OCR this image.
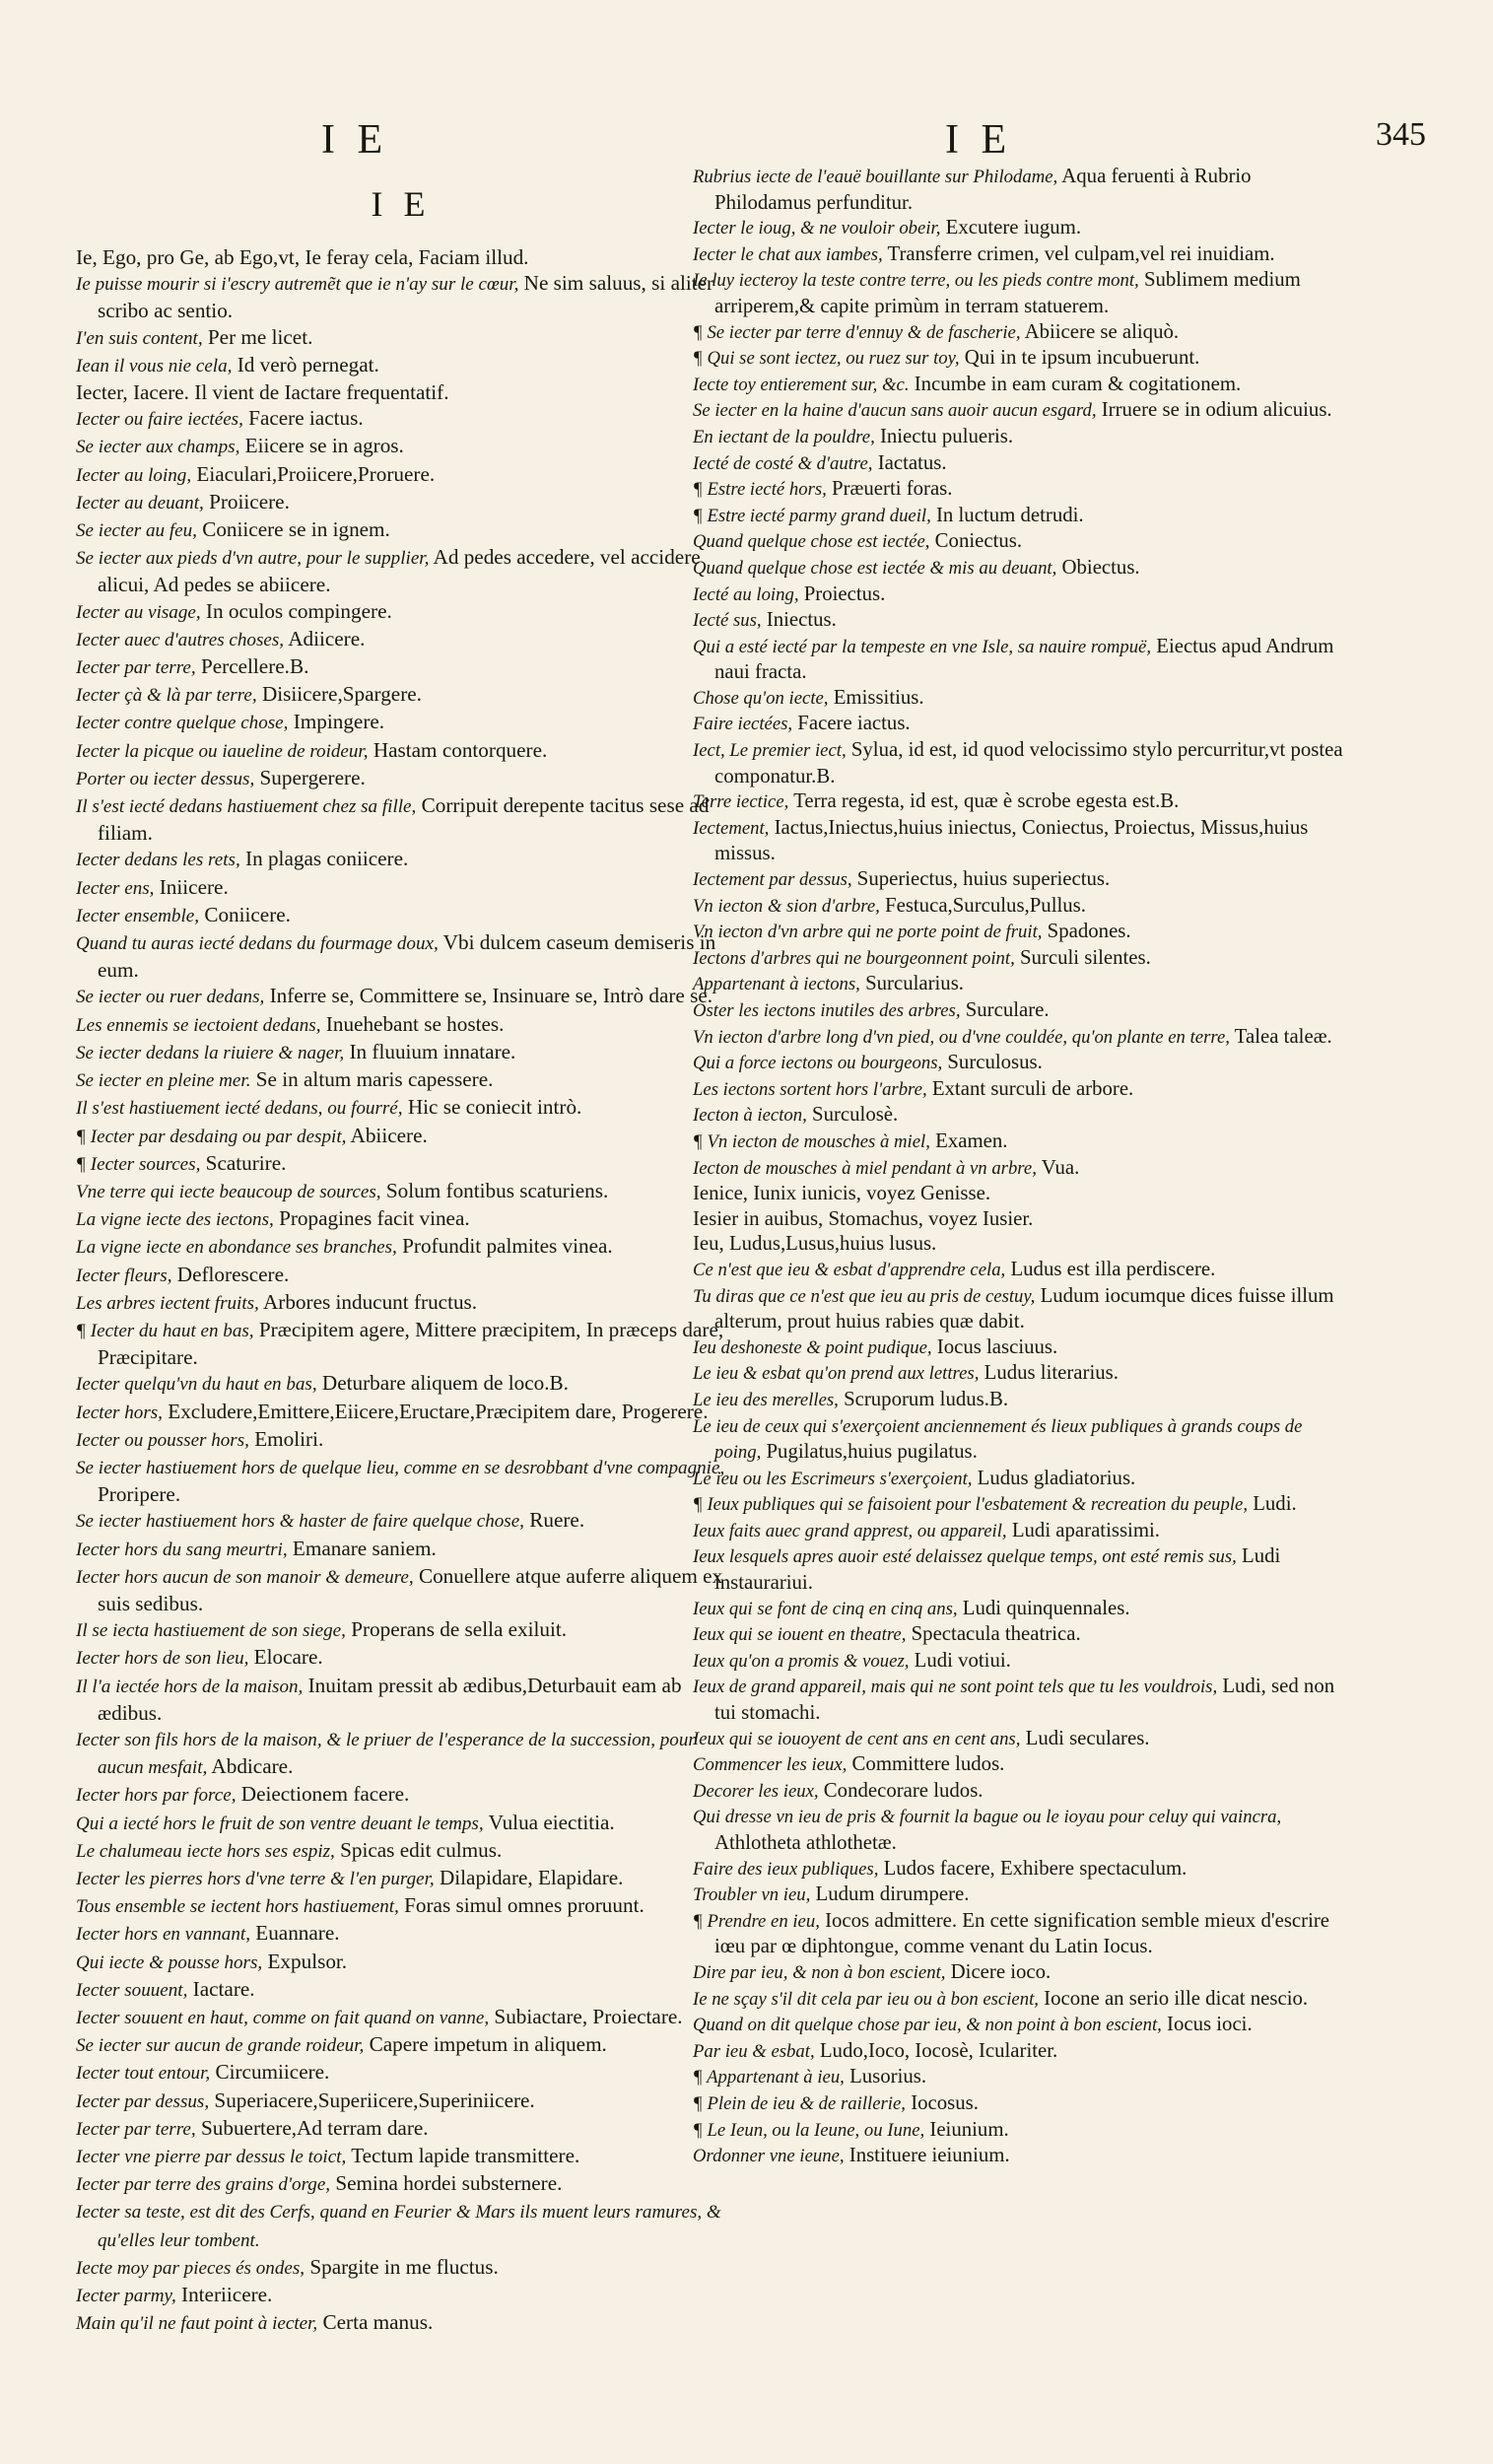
I E	I E	345
I E

Ie, Ego, pro Ge, ab Ego,vt, Ie feray cela, Faciam illud.

Ie puisse mourir si i'escry autremẽt que ie n'ay sur le cœur, Ne sim saluus, si aliter scribo ac sentio.

I'en suis content, Per me licet.

Iean il vous nie cela, Id verò pernegat.

Iecter, Iacere. Il vient de Iactare frequentatif.

Iecter ou faire iectées, Facere iactus.

Se iecter aux champs, Eiicere se in agros.

Iecter au loing, Eiaculari,Proiicere,Proruere.

Iecter au deuant, Proiicere.

Se iecter au feu, Coniicere se in ignem.

Se iecter aux pieds d'vn autre, pour le supplier, Ad pedes accedere, vel accidere alicui, Ad pedes se abiicere.

Iecter au visage, In oculos compingere.

Iecter auec d'autres choses, Adiicere.

Iecter par terre, Percellere.B.

Iecter çà & là par terre, Disiicere,Spargere.

Iecter contre quelque chose, Impingere.

Iecter la picque ou iaueline de roideur, Hastam contorquere.

Porter ou iecter dessus, Supergerere.

Il s'est iecté dedans hastiuement chez sa fille, Corripuit derepente tacitus sese ad filiam.

Iecter dedans les rets, In plagas coniicere.

Iecter ens, Iniicere.

Iecter ensemble, Coniicere.

Quand tu auras iecté dedans du fourmage doux, Vbi dulcem caseum demiseris in eum.

Se iecter ou ruer dedans, Inferre se, Committere se, Insinuare se, Intrò dare se.

Les ennemis se iectoient dedans, Inuehebant se hostes.

Se iecter dedans la riuiere & nager, In fluuium innatare.

Se iecter en pleine mer. Se in altum maris capessere.

Il s'est hastiuement iecté dedans, ou fourré, Hic se coniecit intrò.

¶ Iecter par desdaing ou par despit, Abiicere.

¶ Iecter sources, Scaturire.

Vne terre qui iecte beaucoup de sources, Solum fontibus scaturiens.

La vigne iecte des iectons, Propagines facit vinea.

La vigne iecte en abondance ses branches, Profundit palmites vinea.

Iecter fleurs, Deflorescere.

Les arbres iectent fruits, Arbores inducunt fructus.

¶ Iecter du haut en bas, Præcipitem agere, Mittere præcipitem, In præceps dare, Præcipitare.

Iecter quelqu'vn du haut en bas, Deturbare aliquem de loco.B.

Iecter hors, Excludere,Emittere,Eiicere,Eructare,Præcipitem dare, Progerere.

Iecter ou pousser hors, Emoliri.

Se iecter hastiuement hors de quelque lieu, comme en se desrobbant d'vne compagnie, Proripere.

Se iecter hastiuement hors & haster de faire quelque chose, Ruere.

Iecter hors du sang meurtri, Emanare saniem.

Iecter hors aucun de son manoir & demeure, Conuellere atque auferre aliquem ex suis sedibus.

Il se iecta hastiuement de son siege, Properans de sella exiluit.

Iecter hors de son lieu, Elocare.

Il l'a iectée hors de la maison, Inuitam pressit ab ædibus,Deturbauit eam ab ædibus.

Iecter son fils hors de la maison, & le priuer de l'esperance de la succession, pour aucun mesfait, Abdicare.

Iecter hors par force, Deiectionem facere.

Qui a iecté hors le fruit de son ventre deuant le temps, Vulua eiectitia.

Le chalumeau iecte hors ses espiz, Spicas edit culmus.

Iecter les pierres hors d'vne terre & l'en purger, Dilapidare, Elapidare.

Tous ensemble se iectent hors hastiuement, Foras simul omnes proruunt.

Iecter hors en vannant, Euannare.

Qui iecte & pousse hors, Expulsor.

Iecter souuent, Iactare.

Iecter souuent en haut, comme on fait quand on vanne, Subiactare, Proiectare.

Se iecter sur aucun de grande roideur, Capere impetum in aliquem.

Iecter tout entour, Circumiicere.

Iecter par dessus, Superiacere,Superiicere,Superiniicere.

Iecter par terre, Subuertere,Ad terram dare.

Iecter vne pierre par dessus le toict, Tectum lapide transmittere.

Iecter par terre des grains d'orge, Semina hordei substernere.

Iecter sa teste, est dit des Cerfs, quand en Feurier & Mars ils muent leurs ramures, & qu'elles leur tombent.

Iecte moy par pieces és ondes, Spargite in me fluctus.

Iecter parmy, Interiicere.

Main qu'il ne faut point à iecter, Certa manus.

Rubrius iecte de l'eauë bouillante sur Philodame, Aqua feruenti à Rubrio Philodamus perfunditur.

Iecter le ioug, & ne vouloir obeir, Excutere iugum.

Iecter le chat aux iambes, Transferre crimen, vel culpam,vel rei inuidiam.

Ie luy iecteroy la teste contre terre, ou les pieds contre mont, Sublimem medium arriperem,& capite primùm in terram statuerem.

¶ Se iecter par terre d'ennuy & de fascherie, Abiicere se aliquò.

¶ Qui se sont iectez, ou ruez sur toy, Qui in te ipsum incubuerunt.

Iecte toy entierement sur, &c. Incumbe in eam curam & cogitationem.

Se iecter en la haine d'aucun sans auoir aucun esgard, Irruere se in odium alicuius.

En iectant de la pouldre, Iniectu pulueris.

Iecté de costé & d'autre, Iactatus.

¶ Estre iecté hors, Præuerti foras.

¶ Estre iecté parmy grand dueil, In luctum detrudi.

Quand quelque chose est iectée, Coniectus.

Quand quelque chose est iectée & mis au deuant, Obiectus.

Iecté au loing, Proiectus.

Iecté sus, Iniectus.

Qui a esté iecté par la tempeste en vne Isle, sa nauire rompuë, Eiectus apud Andrum naui fracta.

Chose qu'on iecte, Emissitius.

Faire iectées, Facere iactus.

Iect, Le premier iect, Sylua, id est, id quod velocissimo stylo percurritur,vt postea componatur.B.

Terre iectice, Terra regesta, id est, quæ è scrobe egesta est.B.

Iectement, Iactus,Iniectus,huius iniectus, Coniectus, Proiectus, Missus,huius missus.

Iectement par dessus, Superiectus, huius superiectus.

Vn iecton & sion d'arbre, Festuca,Surculus,Pullus.

Vn iecton d'vn arbre qui ne porte point de fruit, Spadones.

Iectons d'arbres qui ne bourgeonnent point, Surculi silentes.

Appartenant à iectons, Surcularius.

Oster les iectons inutiles des arbres, Surculare.

Vn iecton d'arbre long d'vn pied, ou d'vne couldée, qu'on plante en terre, Talea taleæ.

Qui a force iectons ou bourgeons, Surculosus.

Les iectons sortent hors l'arbre, Extant surculi de arbore.

Iecton à iecton, Surculosè.

¶ Vn iecton de mousches à miel, Examen.

Iecton de mousches à miel pendant à vn arbre, Vua.

Ienice, Iunix iunicis, voyez Genisse.

Iesier in auibus, Stomachus, voyez Iusier.

Ieu, Ludus,Lusus,huius lusus.

Ce n'est que ieu & esbat d'apprendre cela, Ludus est illa perdiscere.

Tu diras que ce n'est que ieu au pris de cestuy, Ludum iocumque dices fuisse illum alterum, prout huius rabies quæ dabit.

Ieu deshoneste & point pudique, Iocus lasciuus.

Le ieu & esbat qu'on prend aux lettres, Ludus literarius.

Le ieu des merelles, Scruporum ludus.B.

Le ieu de ceux qui s'exerçoient anciennement és lieux publiques à grands coups de poing, Pugilatus,huius pugilatus.

Le ieu ou les Escrimeurs s'exerçoient, Ludus gladiatorius.

¶ Ieux publiques qui se faisoient pour l'esbatement & recreation du peuple, Ludi.

Ieux faits auec grand apprest, ou appareil, Ludi aparatissimi.

Ieux lesquels apres auoir esté delaissez quelque temps, ont esté remis sus, Ludi instaurariui.

Ieux qui se font de cinq en cinq ans, Ludi quinquennales.

Ieux qui se iouent en theatre, Spectacula theatrica.

Ieux qu'on a promis & vouez, Ludi votiui.

Ieux de grand appareil, mais qui ne sont point tels que tu les vouldrois, Ludi, sed non tui stomachi.

Ieux qui se iouoyent de cent ans en cent ans, Ludi seculares.

Commencer les ieux, Committere ludos.

Decorer les ieux, Condecorare ludos.

Qui dresse vn ieu de pris & fournit la bague ou le ioyau pour celuy qui vaincra, Athlotheta athlothetæ.

Faire des ieux publiques, Ludos facere, Exhibere spectaculum.

Troubler vn ieu, Ludum dirumpere.

¶ Prendre en ieu, Iocos admittere. En cette signification semble mieux d'escrire iœu par œ diphtongue, comme venant du Latin Iocus.

Dire par ieu, & non à bon escient, Dicere ioco.

Ie ne sçay s'il dit cela par ieu ou à bon escient, Iocone an serio ille dicat nescio.

Quand on dit quelque chose par ieu, & non point à bon escient, Iocus ioci.

Par ieu & esbat, Ludo,Ioco, Iocosè, Iculariter.

¶ Appartenant à ieu, Lusorius.

¶ Plein de ieu & de raillerie, Iocosus.

¶ Le Ieun, ou la Ieune, ou Iune, Ieiunium.

Ordonner vne ieune, Instituere ieiunium.
